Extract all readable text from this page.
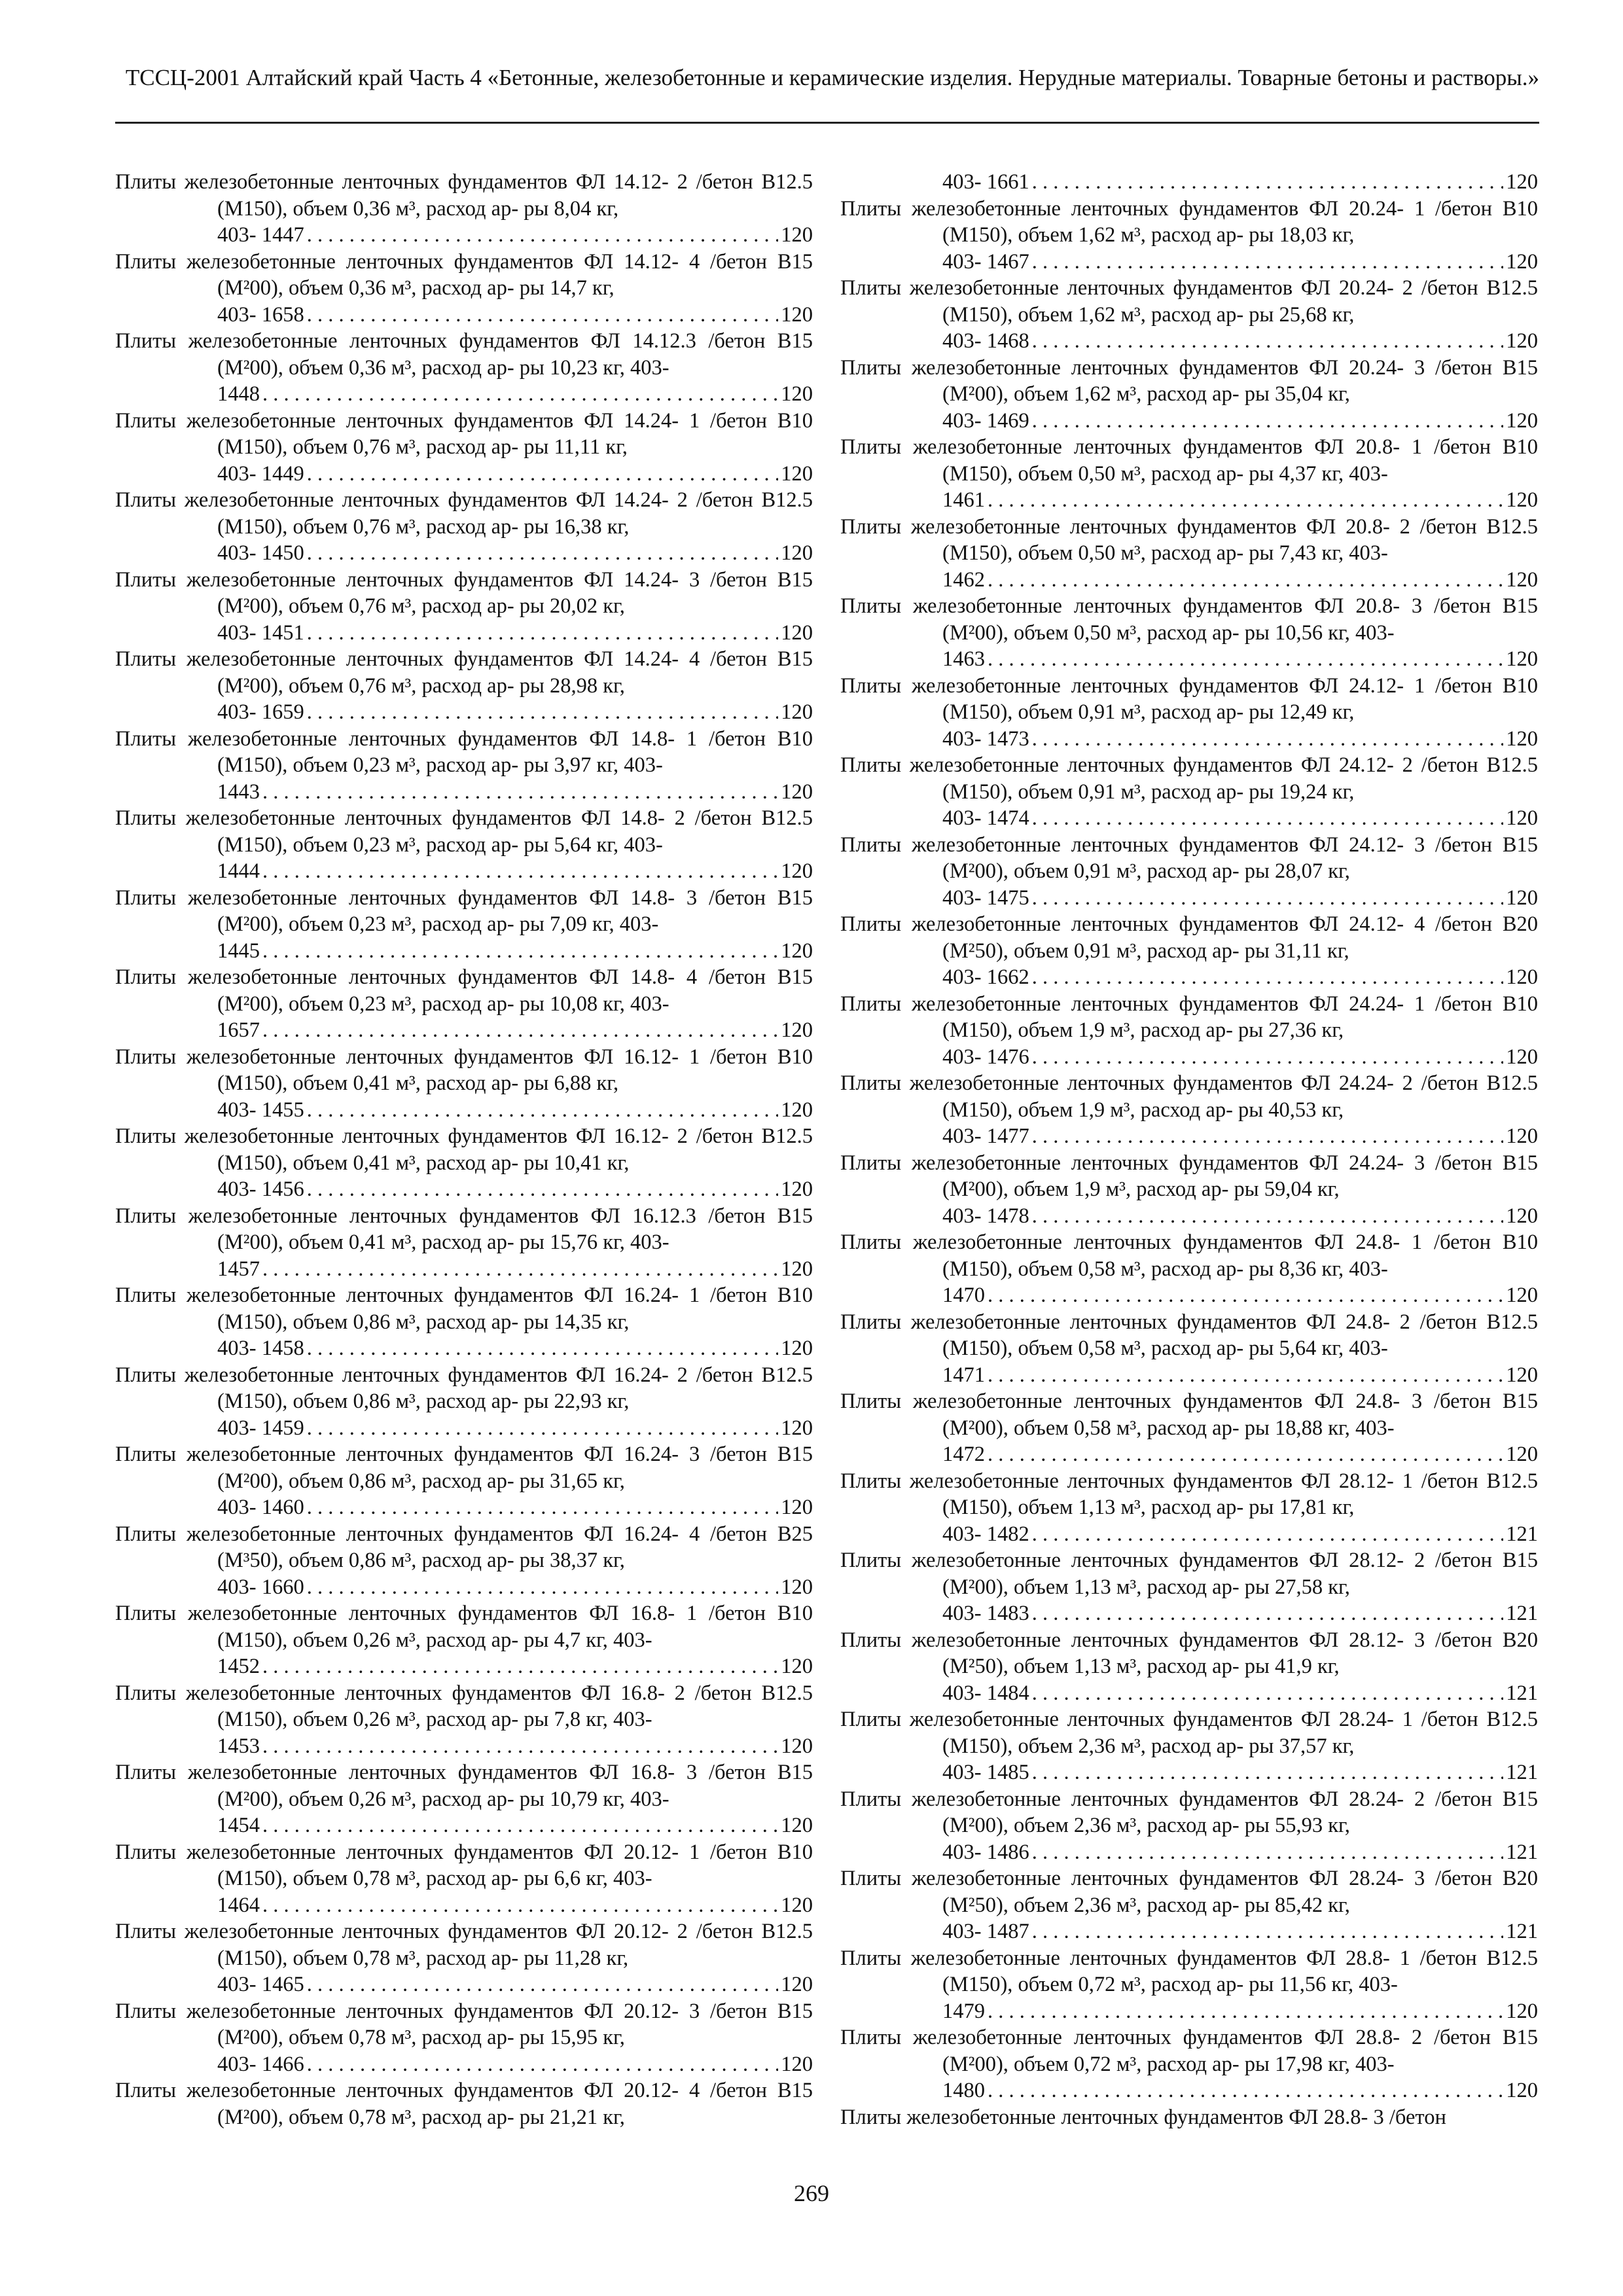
ТССЦ-2001 Алтайский край Часть 4 «Бетонные, железобетонные и керамические изделия. Нерудные материалы. Товарные бетоны и растворы.»
Плиты железобетонные ленточных фундаментов ФЛ 14.12- 2 /бетон В12.5 (М150), объем 0,36 м³, расход ар- ры 8,04 кг,
403- 1447 . . .	120
Плиты железобетонные ленточных фундаментов ФЛ 14.12- 4 /бетон В15 (М²00), объем 0,36 м³, расход ар- ры 14,7 кг,
403- 1658 . . .	120
Плиты железобетонные ленточных фундаментов ФЛ 14.12.3 /бетон В15 (М²00), объем 0,36 м³, расход ар- ры 10,23 кг, 403-
1448 . . .	120
Плиты железобетонные ленточных фундаментов ФЛ 14.24- 1 /бетон В10 (М150), объем 0,76 м³, расход ар- ры 11,11 кг,
403- 1449 . . .	120
Плиты железобетонные ленточных фундаментов ФЛ 14.24- 2 /бетон В12.5 (М150), объем 0,76 м³, расход ар- ры 16,38 кг,
403- 1450 . . .	120
Плиты железобетонные ленточных фундаментов ФЛ 14.24- 3 /бетон В15 (М²00), объем 0,76 м³, расход ар- ры 20,02 кг,
403- 1451 . . .	120
Плиты железобетонные ленточных фундаментов ФЛ 14.24- 4 /бетон В15 (М²00), объем 0,76 м³, расход ар- ры 28,98 кг,
403- 1659 . . .	120
Плиты железобетонные ленточных фундаментов ФЛ 14.8- 1 /бетон В10 (М150), объем 0,23 м³, расход ар- ры 3,97 кг, 403-
1443 . . .	120
Плиты железобетонные ленточных фундаментов ФЛ 14.8- 2 /бетон В12.5 (М150), объем 0,23 м³, расход ар- ры 5,64 кг, 403-
1444 . . .	120
Плиты железобетонные ленточных фундаментов ФЛ 14.8- 3 /бетон В15 (М²00), объем 0,23 м³, расход ар- ры 7,09 кг, 403-
1445 . . .	120
Плиты железобетонные ленточных фундаментов ФЛ 14.8- 4 /бетон В15 (М²00), объем 0,23 м³, расход ар- ры 10,08 кг, 403-
1657 . . .	120
Плиты железобетонные ленточных фундаментов ФЛ 16.12- 1 /бетон В10 (М150), объем 0,41 м³, расход ар- ры 6,88 кг,
403- 1455 . . .	120
Плиты железобетонные ленточных фундаментов ФЛ 16.12- 2 /бетон В12.5 (М150), объем 0,41 м³, расход ар- ры 10,41 кг,
403- 1456 . . .	120
Плиты железобетонные ленточных фундаментов ФЛ 16.12.3 /бетон В15 (М²00), объем 0,41 м³, расход ар- ры 15,76 кг, 403-
1457 . . .	120
Плиты железобетонные ленточных фундаментов ФЛ 16.24- 1 /бетон В10 (М150), объем 0,86 м³, расход ар- ры 14,35 кг,
403- 1458 . . .	120
Плиты железобетонные ленточных фундаментов ФЛ 16.24- 2 /бетон В12.5 (М150), объем 0,86 м³, расход ар- ры 22,93 кг,
403- 1459 . . .	120
Плиты железобетонные ленточных фундаментов ФЛ 16.24- 3 /бетон В15 (М²00), объем 0,86 м³, расход ар- ры 31,65 кг,
403- 1460 . . .	120
Плиты железобетонные ленточных фундаментов ФЛ 16.24- 4 /бетон В25 (М³50), объем 0,86 м³, расход ар- ры 38,37 кг,
403- 1660 . . .	120
Плиты железобетонные ленточных фундаментов ФЛ 16.8- 1 /бетон В10 (М150), объем 0,26 м³, расход ар- ры 4,7 кг, 403-
1452 . . .	120
Плиты железобетонные ленточных фундаментов ФЛ 16.8- 2 /бетон В12.5 (М150), объем 0,26 м³, расход ар- ры 7,8 кг, 403-
1453 . . .	120
Плиты железобетонные ленточных фундаментов ФЛ 16.8- 3 /бетон В15 (М²00), объем 0,26 м³, расход ар- ры 10,79 кг, 403-
1454 . . .	120
Плиты железобетонные ленточных фундаментов ФЛ 20.12- 1 /бетон В10 (М150), объем 0,78 м³, расход ар- ры 6,6 кг, 403-
1464 . . .	120
Плиты железобетонные ленточных фундаментов ФЛ 20.12- 2 /бетон В12.5 (М150), объем 0,78 м³, расход ар- ры 11,28 кг,
403- 1465 . . .	120
Плиты железобетонные ленточных фундаментов ФЛ 20.12- 3 /бетон В15 (М²00), объем 0,78 м³, расход ар- ры 15,95 кг,
403- 1466 . . .	120
Плиты железобетонные ленточных фундаментов ФЛ 20.12- 4 /бетон В15 (М²00), объем 0,78 м³, расход ар- ры 21,21 кг,
403- 1661 . . .	120
Плиты железобетонные ленточных фундаментов ФЛ 20.24- 1 /бетон В10 (М150), объем 1,62 м³, расход ар- ры 18,03 кг,
403- 1467 . . .	120
Плиты железобетонные ленточных фундаментов ФЛ 20.24- 2 /бетон В12.5 (М150), объем 1,62 м³, расход ар- ры 25,68 кг,
403- 1468 . . .	120
Плиты железобетонные ленточных фундаментов ФЛ 20.24- 3 /бетон В15 (М²00), объем 1,62 м³, расход ар- ры 35,04 кг,
403- 1469 . . .	120
Плиты железобетонные ленточных фундаментов ФЛ 20.8- 1 /бетон В10 (М150), объем 0,50 м³, расход ар- ры 4,37 кг, 403-
1461 . . .	120
Плиты железобетонные ленточных фундаментов ФЛ 20.8- 2 /бетон В12.5 (М150), объем 0,50 м³, расход ар- ры 7,43 кг, 403-
1462 . . .	120
Плиты железобетонные ленточных фундаментов ФЛ 20.8- 3 /бетон В15 (М²00), объем 0,50 м³, расход ар- ры 10,56 кг, 403-
1463 . . .	120
Плиты железобетонные ленточных фундаментов ФЛ 24.12- 1 /бетон В10 (М150), объем 0,91 м³, расход ар- ры 12,49 кг,
403- 1473 . . .	120
Плиты железобетонные ленточных фундаментов ФЛ 24.12- 2 /бетон В12.5 (М150), объем 0,91 м³, расход ар- ры 19,24 кг,
403- 1474 . . .	120
Плиты железобетонные ленточных фундаментов ФЛ 24.12- 3 /бетон В15 (М²00), объем 0,91 м³, расход ар- ры 28,07 кг,
403- 1475 . . .	120
Плиты железобетонные ленточных фундаментов ФЛ 24.12- 4 /бетон В20 (М²50), объем 0,91 м³, расход ар- ры 31,11 кг,
403- 1662 . . .	120
Плиты железобетонные ленточных фундаментов ФЛ 24.24- 1 /бетон В10 (М150), объем 1,9 м³, расход ар- ры 27,36 кг,
403- 1476 . . .	120
Плиты железобетонные ленточных фундаментов ФЛ 24.24- 2 /бетон В12.5 (М150), объем 1,9 м³, расход ар- ры 40,53 кг,
403- 1477 . . .	120
Плиты железобетонные ленточных фундаментов ФЛ 24.24- 3 /бетон В15 (М²00), объем 1,9 м³, расход ар- ры 59,04 кг,
403- 1478 . . .	120
Плиты железобетонные ленточных фундаментов ФЛ 24.8- 1 /бетон В10 (М150), объем 0,58 м³, расход ар- ры 8,36 кг, 403-
1470 . . .	120
Плиты железобетонные ленточных фундаментов ФЛ 24.8- 2 /бетон В12.5 (М150), объем 0,58 м³, расход ар- ры 5,64 кг, 403-
1471 . . .	120
Плиты железобетонные ленточных фундаментов ФЛ 24.8- 3 /бетон В15 (М²00), объем 0,58 м³, расход ар- ры 18,88 кг, 403-
1472 . . .	120
Плиты железобетонные ленточных фундаментов ФЛ 28.12- 1 /бетон В12.5 (М150), объем 1,13 м³, расход ар- ры 17,81 кг,
403- 1482 . . .	121
Плиты железобетонные ленточных фундаментов ФЛ 28.12- 2 /бетон В15 (М²00), объем 1,13 м³, расход ар- ры 27,58 кг,
403- 1483 . . .	121
Плиты железобетонные ленточных фундаментов ФЛ 28.12- 3 /бетон В20 (М²50), объем 1,13 м³, расход ар- ры 41,9 кг,
403- 1484 . . .	121
Плиты железобетонные ленточных фундаментов ФЛ 28.24- 1 /бетон В12.5 (М150), объем 2,36 м³, расход ар- ры 37,57 кг,
403- 1485 . . .	121
Плиты железобетонные ленточных фундаментов ФЛ 28.24- 2 /бетон В15 (М²00), объем 2,36 м³, расход ар- ры 55,93 кг,
403- 1486 . . .	121
Плиты железобетонные ленточных фундаментов ФЛ 28.24- 3 /бетон В20 (М²50), объем 2,36 м³, расход ар- ры 85,42 кг,
403- 1487 . . .	121
Плиты железобетонные ленточных фундаментов ФЛ 28.8- 1 /бетон В12.5 (М150), объем 0,72 м³, расход ар- ры 11,56 кг, 403-
1479 . . .	120
Плиты железобетонные ленточных фундаментов ФЛ 28.8- 2 /бетон В15 (М²00), объем 0,72 м³, расход ар- ры 17,98 кг, 403-
1480 . . .	120
Плиты железобетонные ленточных фундаментов ФЛ 28.8- 3 /бетон
269
